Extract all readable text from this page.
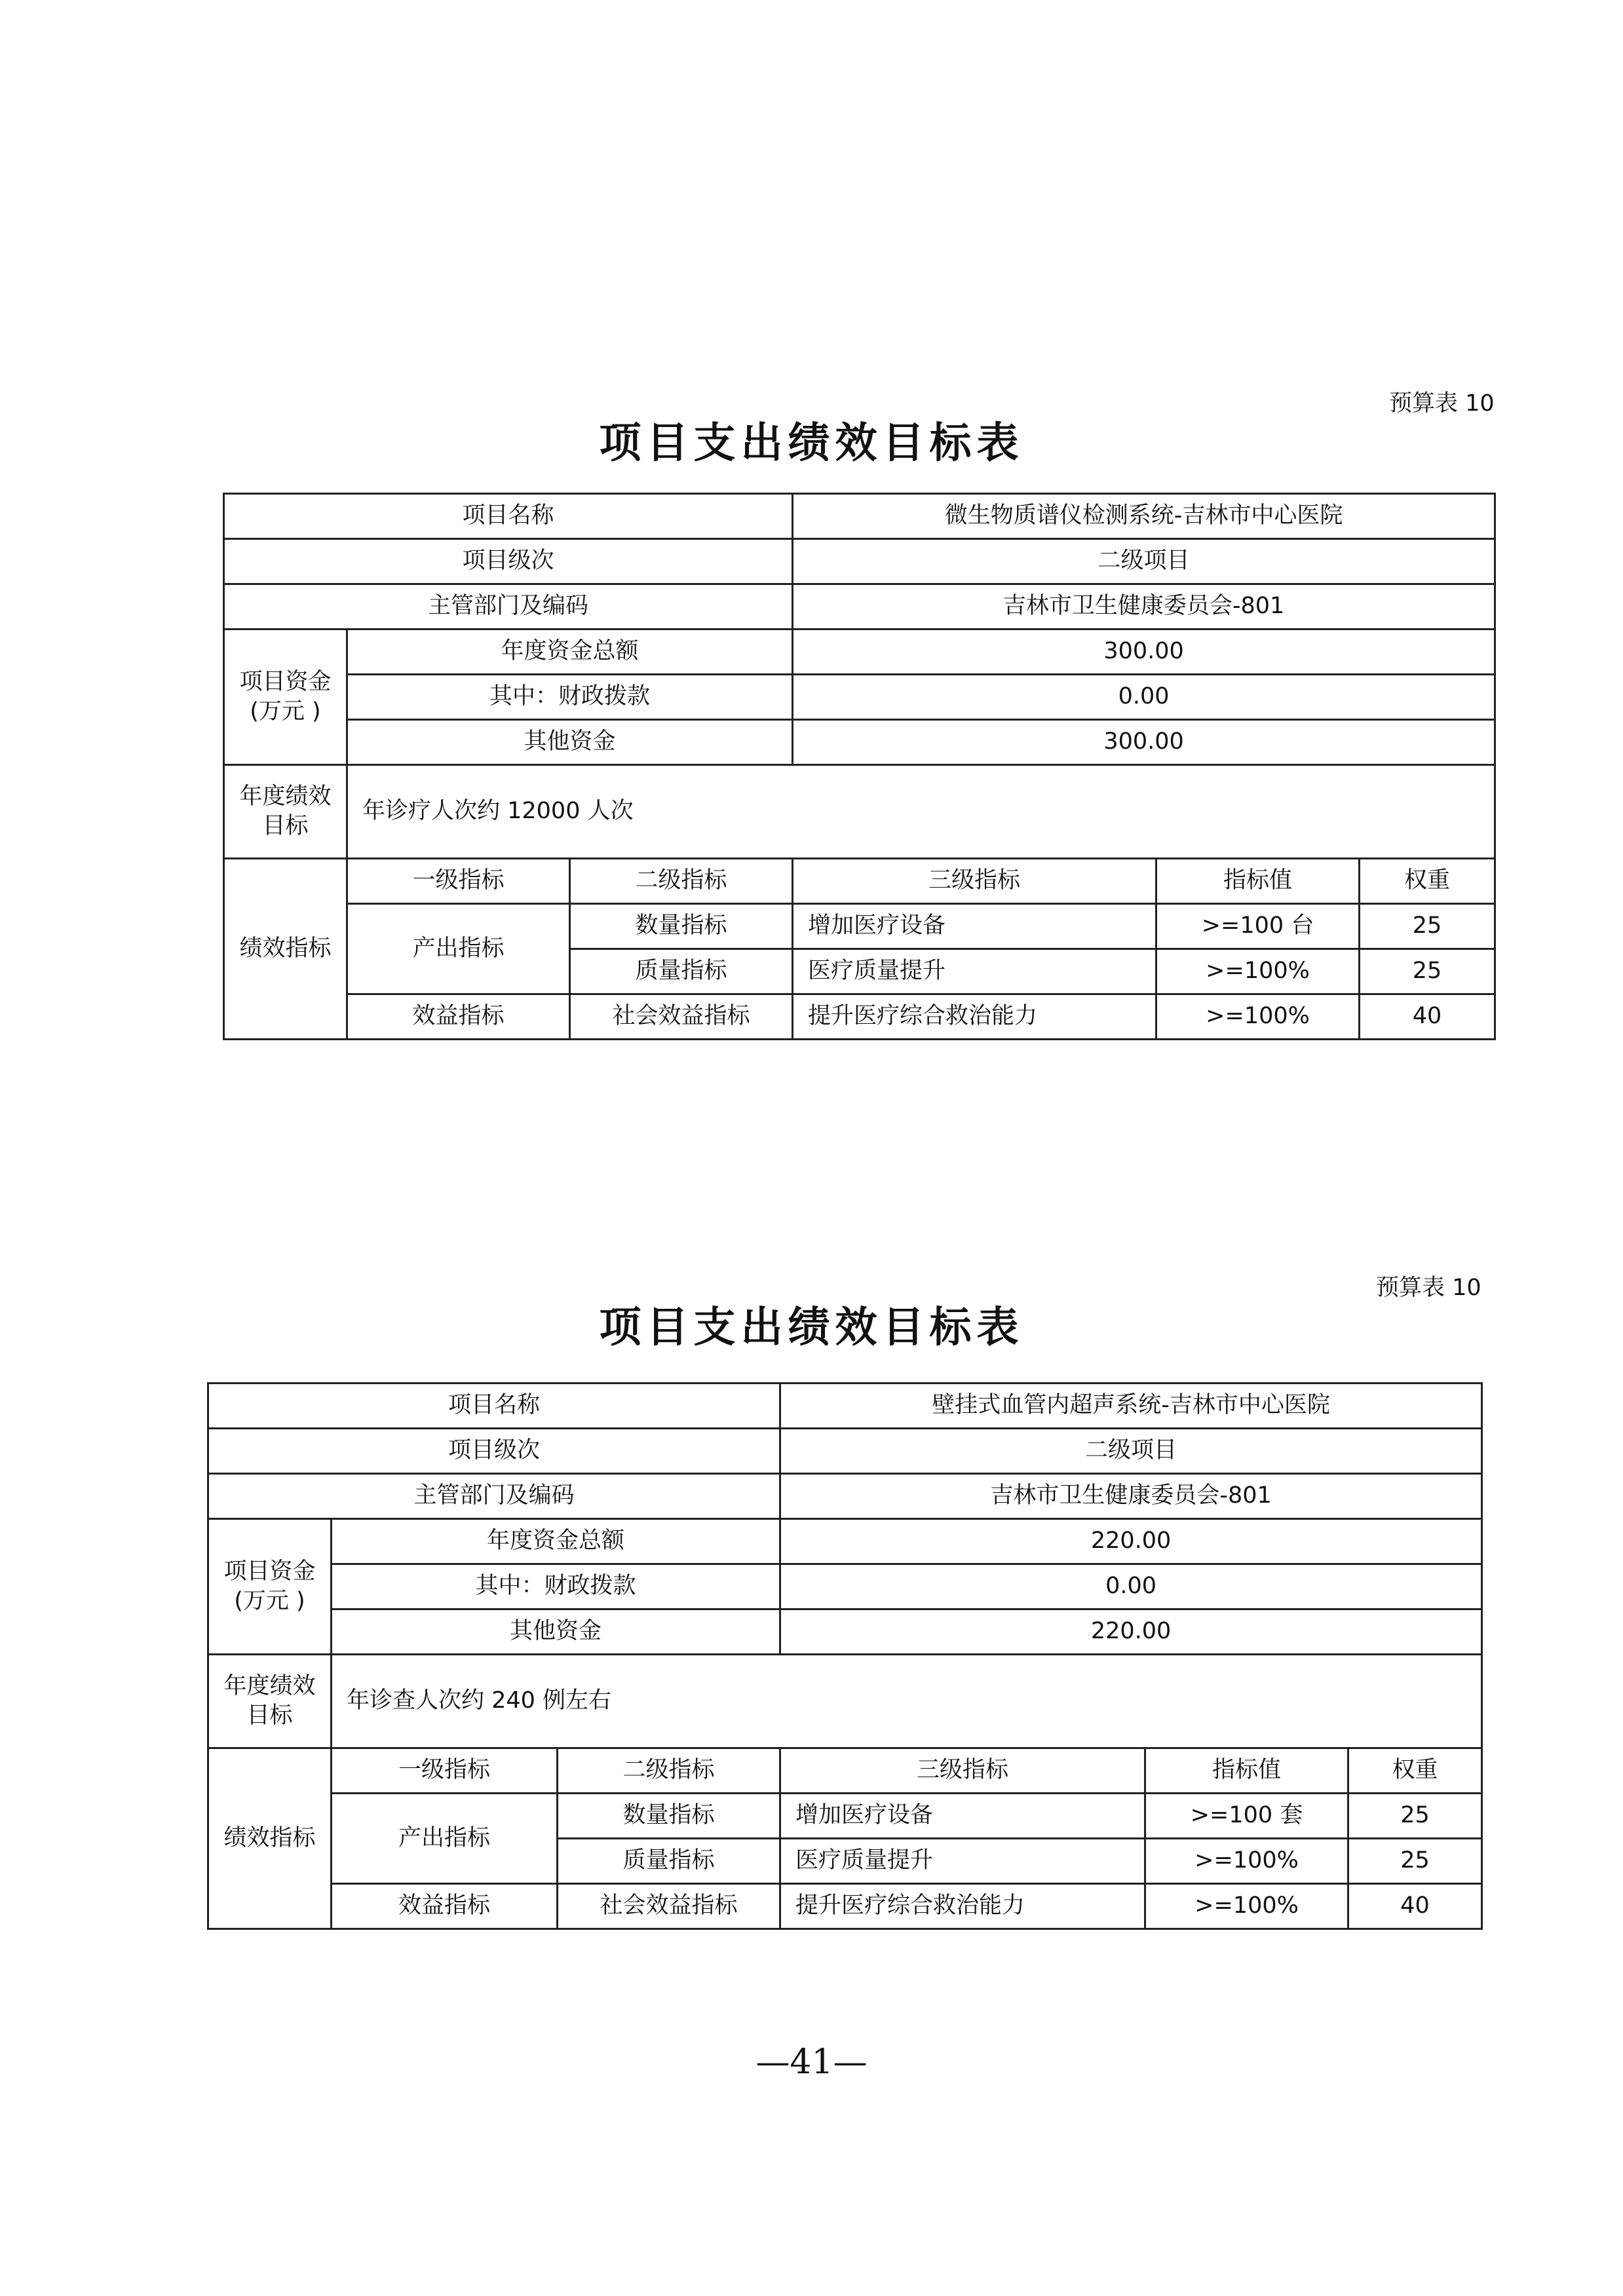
预算表 10
项目支出绩效目标表
项目名称			微生物质谱仪检测系统-吉林市中心医院		
项目级次			二级项目		
主管部门及编码			吉林市卫生健康委员会-801		
项目资金
(万元 )	年度资金总额		300.00		
	其中：财政拨款		0.00		
	其他资金		300.00		
年度绩效
目标	年诊疗人次约 12000 人次				
绩效指标	一级指标	二级指标	三级指标	指标值	权重
	产出指标	数量指标	增加医疗设备	>=100 台	25
		质量指标	医疗质量提升	>=100%	25
	效益指标	社会效益指标	提升医疗综合救治能力	>=100%	40
预算表 10
项目支出绩效目标表
项目名称			壁挂式血管内超声系统-吉林市中心医院		
项目级次			二级项目		
主管部门及编码			吉林市卫生健康委员会-801		
项目资金
(万元 )	年度资金总额		220.00		
	其中：财政拨款		0.00		
	其他资金		220.00		
年度绩效
目标	年诊查人次约 240 例左右				
绩效指标	一级指标	二级指标	三级指标	指标值	权重
	产出指标	数量指标	增加医疗设备	>=100 套	25
		质量指标	医疗质量提升	>=100%	25
	效益指标	社会效益指标	提升医疗综合救治能力	>=100%	40
—41—
